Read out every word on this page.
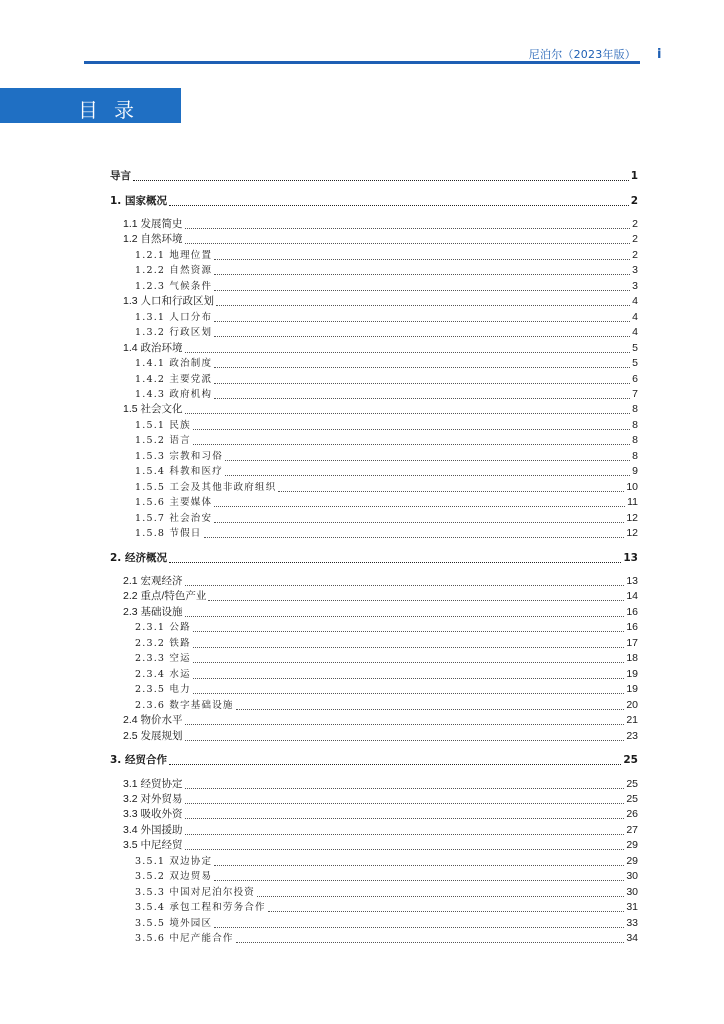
尼泊尔（2023年版） i
目录
导言	1
1. 国家概况	2
1.1 发展简史	2
1.2 自然环境	2
1.2.1 地理位置	2
1.2.2 自然资源	3
1.2.3 气候条件	3
1.3 人口和行政区划	4
1.3.1 人口分布	4
1.3.2 行政区划	4
1.4 政治环境	5
1.4.1 政治制度	5
1.4.2 主要党派	6
1.4.3 政府机构	7
1.5 社会文化	8
1.5.1 民族	8
1.5.2 语言	8
1.5.3 宗教和习俗	8
1.5.4 科教和医疗	9
1.5.5 工会及其他非政府组织	10
1.5.6 主要媒体	11
1.5.7 社会治安	12
1.5.8 节假日	12
2. 经济概况	13
2.1 宏观经济	13
2.2 重点/特色产业	14
2.3 基础设施	16
2.3.1 公路	16
2.3.2 铁路	17
2.3.3 空运	18
2.3.4 水运	19
2.3.5 电力	19
2.3.6 数字基础设施	20
2.4 物价水平	21
2.5 发展规划	23
3. 经贸合作	25
3.1 经贸协定	25
3.2 对外贸易	25
3.3 吸收外资	26
3.4 外国援助	27
3.5 中尼经贸	29
3.5.1 双边协定	29
3.5.2 双边贸易	30
3.5.3 中国对尼泊尔投资	30
3.5.4 承包工程和劳务合作	31
3.5.5 境外园区	33
3.5.6 中尼产能合作	34
